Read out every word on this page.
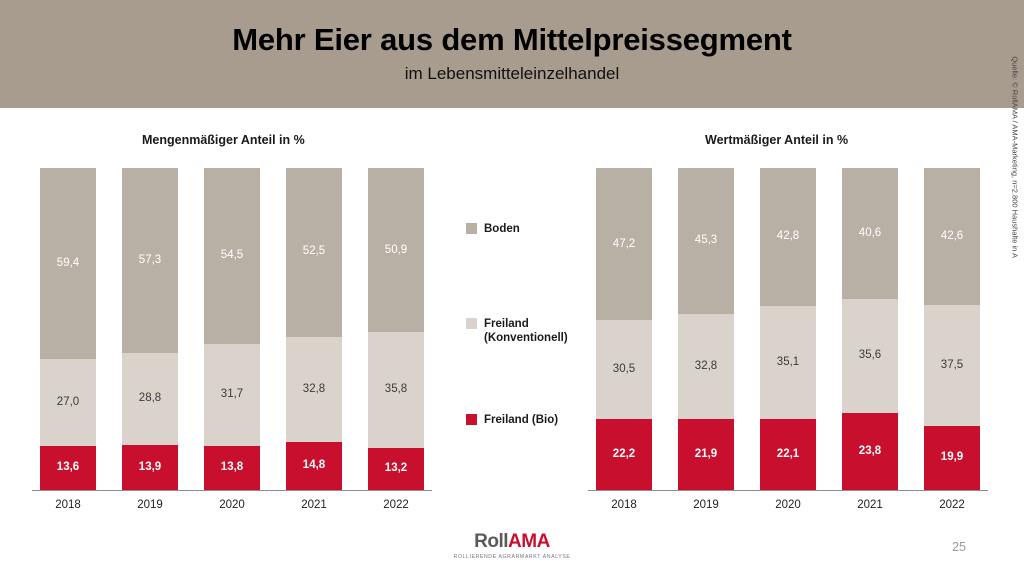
Mehr Eier aus dem Mittelpreissegment
im Lebensmitteleinzelhandel
Mengenmäßiger Anteil in %
59,4
27,0
13,6
2018
57,3
28,8
13,9
2019
54,5
31,7
13,8
2020
52,5
32,8
14,8
2021
50,9
35,8
13,2
2022
Wertmäßiger Anteil in %
47,2
30,5
22,2
2018
45,3
32,8
21,9
2019
42,8
35,1
22,1
2020
40,6
35,6
23,8
2021
42,6
37,5
19,9
2022
Boden
Freiland
(Konventionell)
Freiland (Bio)
Quelle: © RollAMA / AMA-Marketing, n=2.800 Haushalte in A
RollAMA
ROLLIERENDE AGRARMARKT ANALYSE
25
